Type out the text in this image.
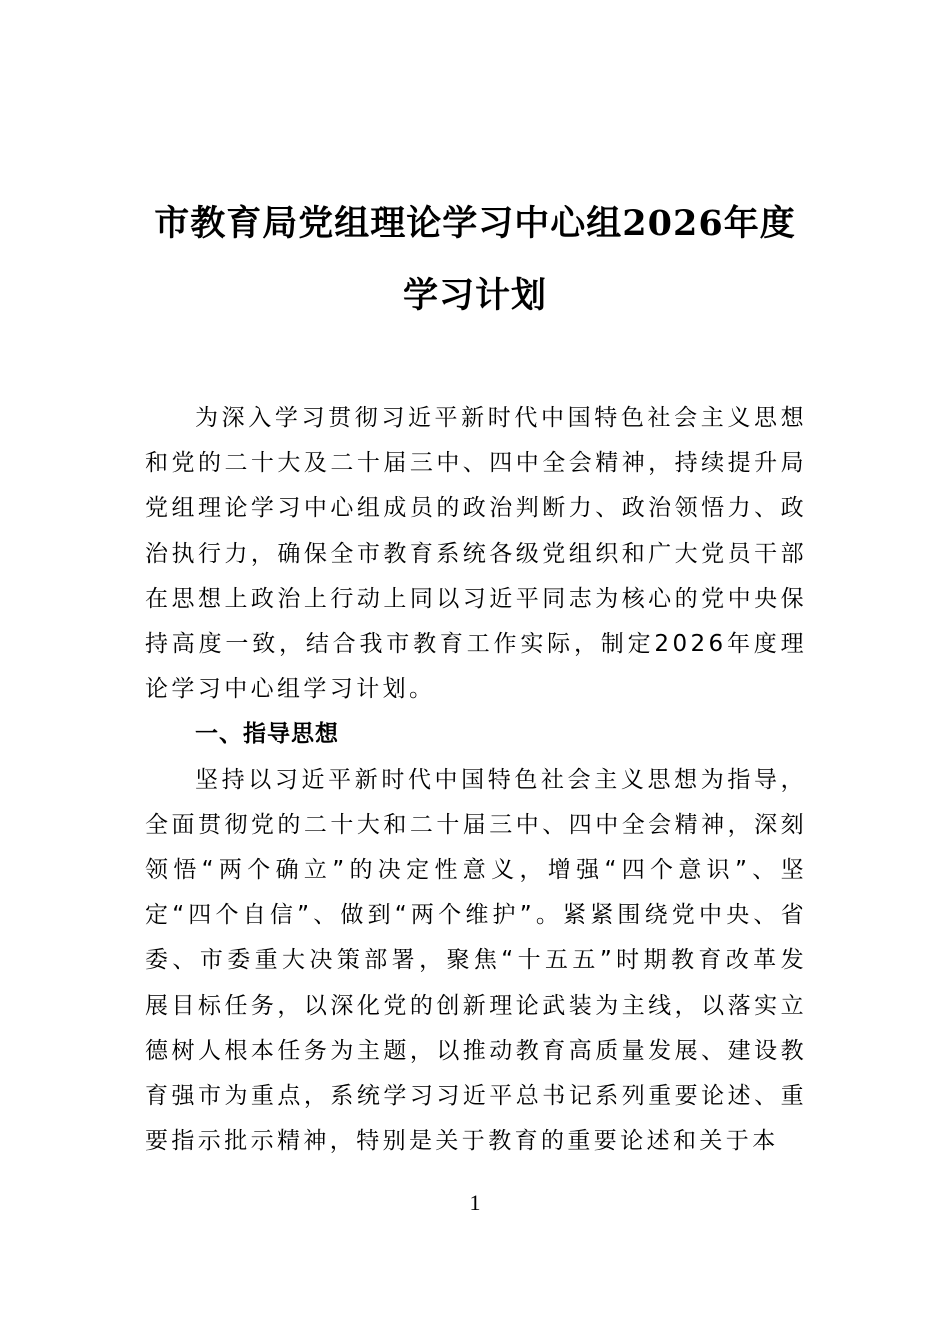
市教育局党组理论学习中心组2026年度学习计划

为深入学习贯彻习近平新时代中国特色社会主义思想和党的二十大及二十届三中、四中全会精神，持续提升局党组理论学习中心组成员的政治判断力、政治领悟力、政治执行力，确保全市教育系统各级党组织和广大党员干部在思想上政治上行动上同以习近平同志为核心的党中央保持高度一致，结合我市教育工作实际，制定2026年度理论学习中心组学习计划。

一、指导思想

坚持以习近平新时代中国特色社会主义思想为指导，全面贯彻党的二十大和二十届三中、四中全会精神，深刻领悟“两个确立”的决定性意义，增强“四个意识”、坚定“四个自信”、做到“两个维护”。紧紧围绕党中央、省委、市委重大决策部署，聚焦“十五五”时期教育改革发展目标任务，以深化党的创新理论武装为主线，以落实立德树人根本任务为主题，以推动教育高质量发展、建设教育强市为重点，系统学习习近平总书记系列重要论述、重要指示批示精神，特别是关于教育的重要论述和关于本

1
